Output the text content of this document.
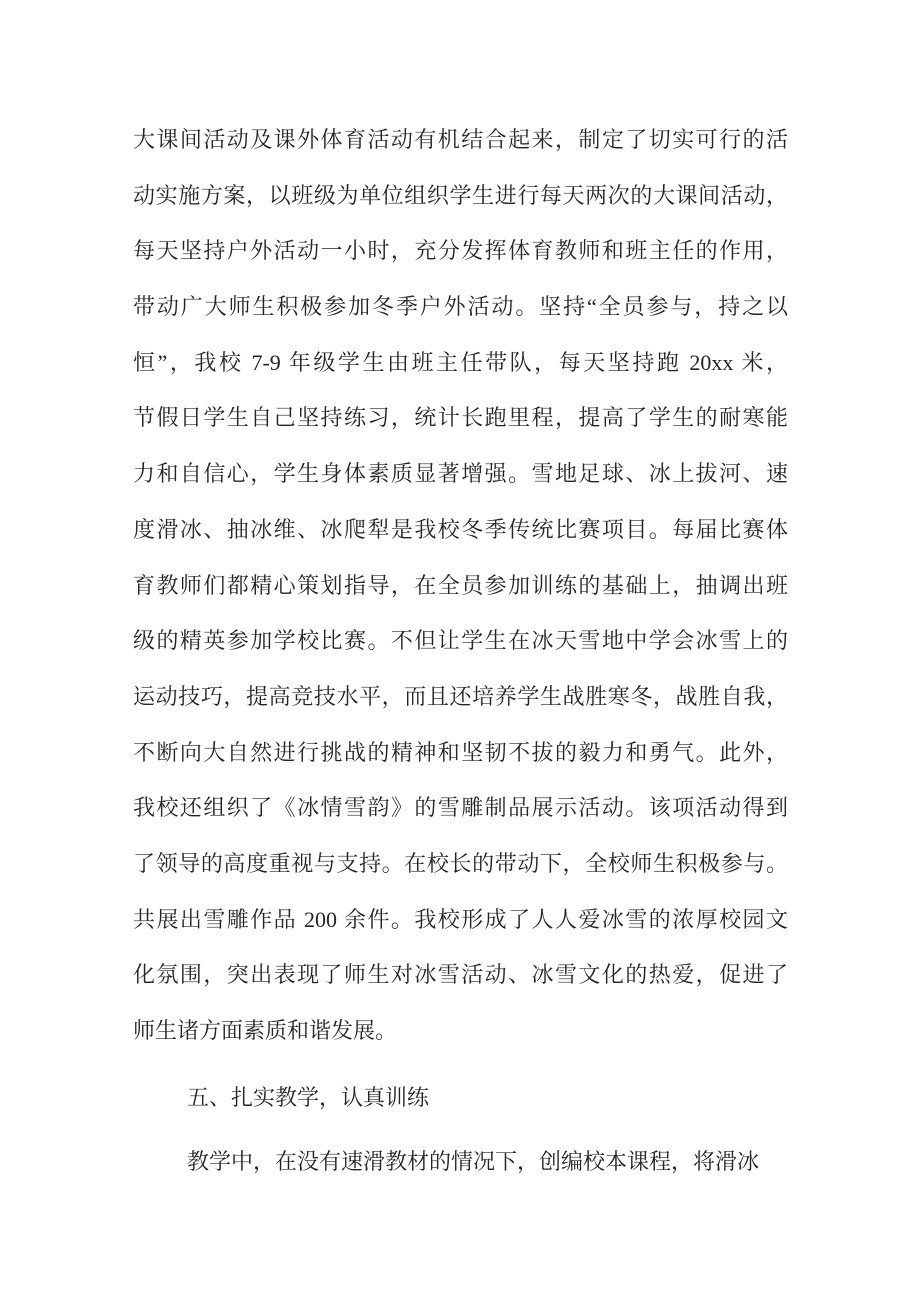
大课间活动及课外体育活动有机结合起来，制定了切实可行的活
动实施方案，以班级为单位组织学生进行每天两次的大课间活动，
每天坚持户外活动一小时，充分发挥体育教师和班主任的作用，
带动广大师生积极参加冬季户外活动。坚持“全员参与，持之以
恒”，我校 7-9 年级学生由班主任带队，每天坚持跑 20xx 米，
节假日学生自己坚持练习，统计长跑里程，提高了学生的耐寒能
力和自信心，学生身体素质显著增强。雪地足球、冰上拔河、速
度滑冰、抽冰维、冰爬犁是我校冬季传统比赛项目。每届比赛体
育教师们都精心策划指导，在全员参加训练的基础上，抽调出班
级的精英参加学校比赛。不但让学生在冰天雪地中学会冰雪上的
运动技巧，提高竞技水平，而且还培养学生战胜寒冬，战胜自我，
不断向大自然进行挑战的精神和坚韧不拔的毅力和勇气。此外，
我校还组织了《冰情雪韵》的雪雕制品展示活动。该项活动得到
了领导的高度重视与支持。在校长的带动下，全校师生积极参与。
共展出雪雕作品 200 余件。我校形成了人人爱冰雪的浓厚校园文
化氛围，突出表现了师生对冰雪活动、冰雪文化的热爱，促进了
师生诸方面素质和谐发展。
五、扎实教学，认真训练
教学中，在没有速滑教材的情况下，创编校本课程，将滑冰
